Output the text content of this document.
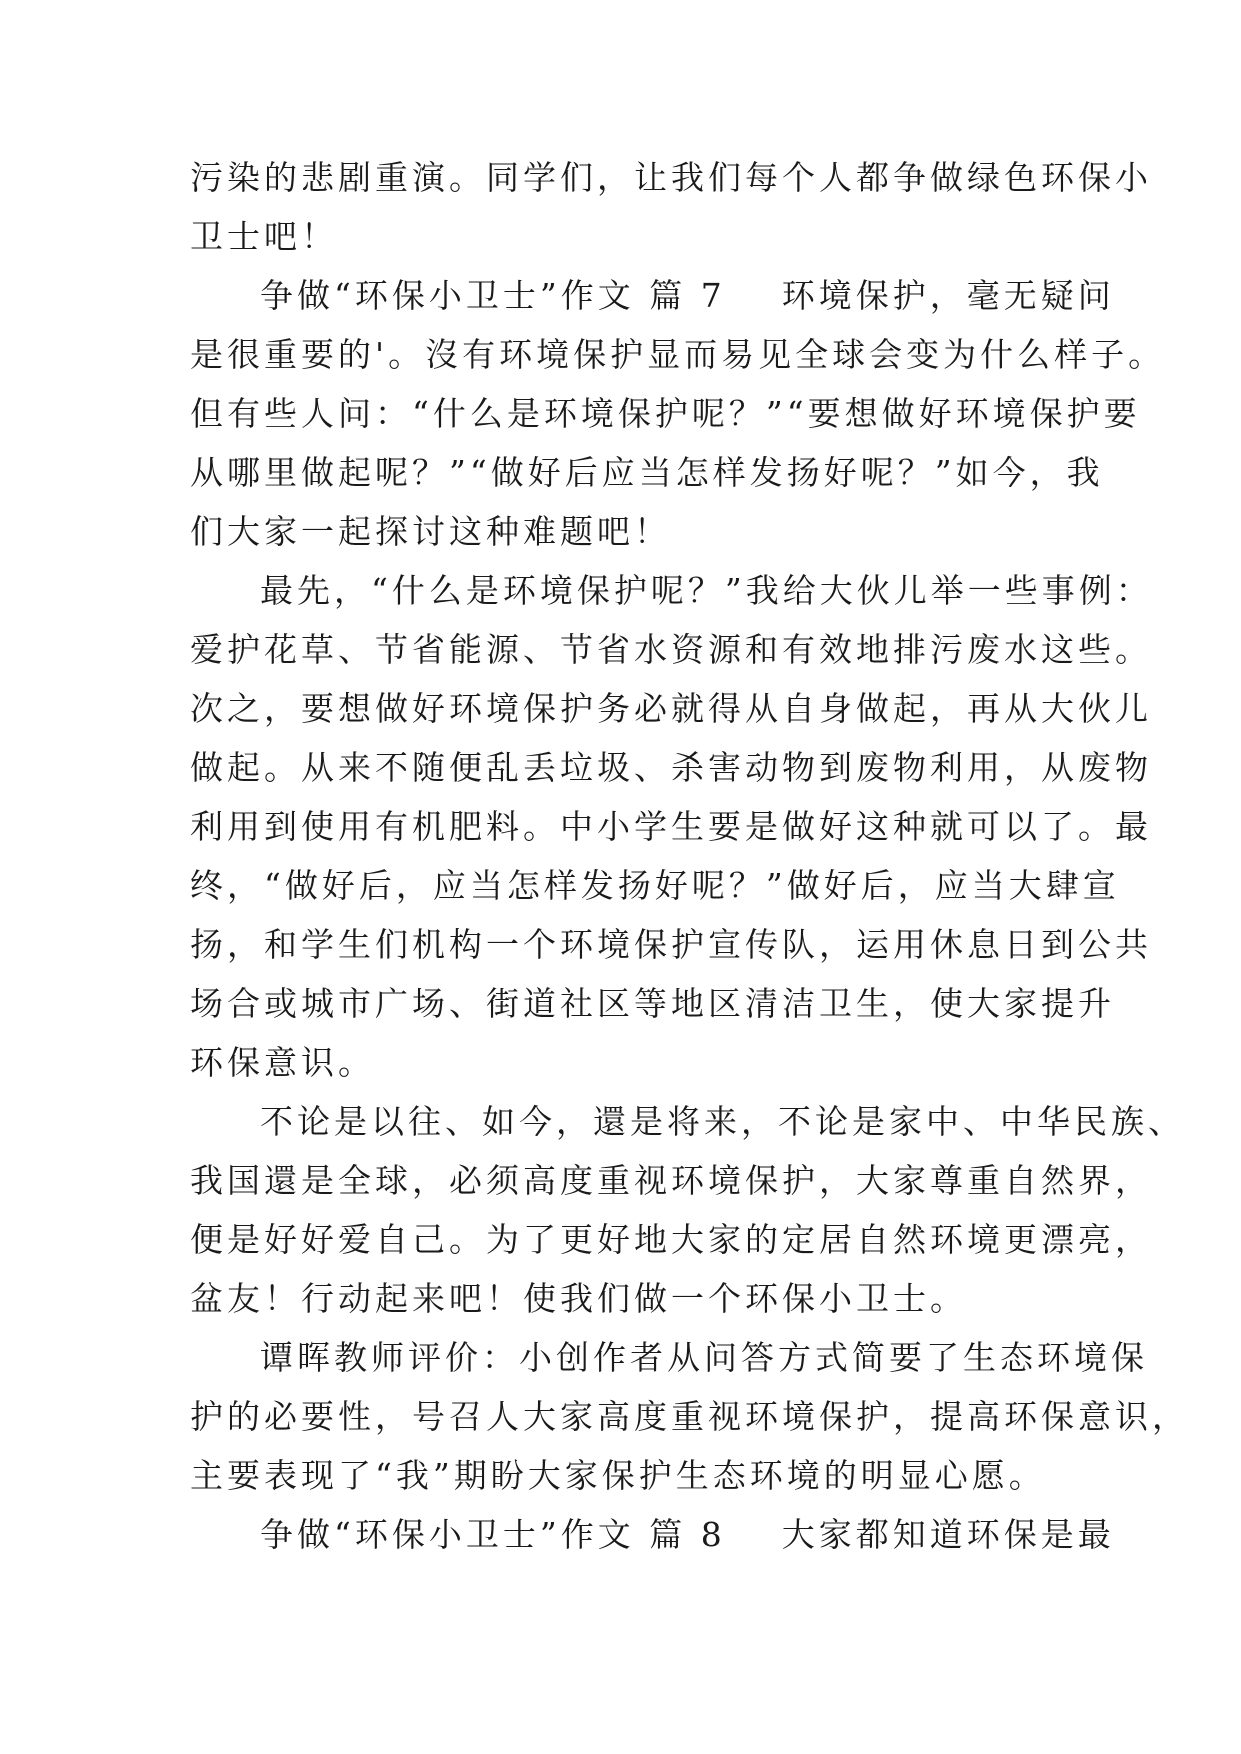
污染的悲剧重演。同学们，让我们每个人都争做绿色环保小
卫士吧！
争做“环保小卫士”作文 篇 7 环境保护，毫无疑问
是很重要的'。沒有环境保护显而易见全球会变为什么样子。
但有些人问：“什么是环境保护呢？”“要想做好环境保护要
从哪里做起呢？”“做好后应当怎样发扬好呢？”如今，我
们大家一起探讨这种难题吧！
最先，“什么是环境保护呢？”我给大伙儿举一些事例：
爱护花草、节省能源、节省水资源和有效地排污废水这些。
次之，要想做好环境保护务必就得从自身做起，再从大伙儿
做起。从来不随便乱丢垃圾、杀害动物到废物利用，从废物
利用到使用有机肥料。中小学生要是做好这种就可以了。最
终，“做好后，应当怎样发扬好呢？”做好后，应当大肆宣
扬，和学生们机构一个环境保护宣传队，运用休息日到公共
场合或城市广场、街道社区等地区清洁卫生，使大家提升
环保意识。
不论是以往、如今，還是将来，不论是家中、中华民族、
我国還是全球，必须高度重视环境保护，大家尊重自然界，
便是好好爱自己。为了更好地大家的定居自然环境更漂亮，
盆友！行动起来吧！使我们做一个环保小卫士。
谭晖教师评价：小创作者从问答方式简要了生态环境保
护的必要性，号召人大家高度重视环境保护，提高环保意识，
主要表现了“我”期盼大家保护生态环境的明显心愿。
争做“环保小卫士”作文 篇 8 大家都知道环保是最
